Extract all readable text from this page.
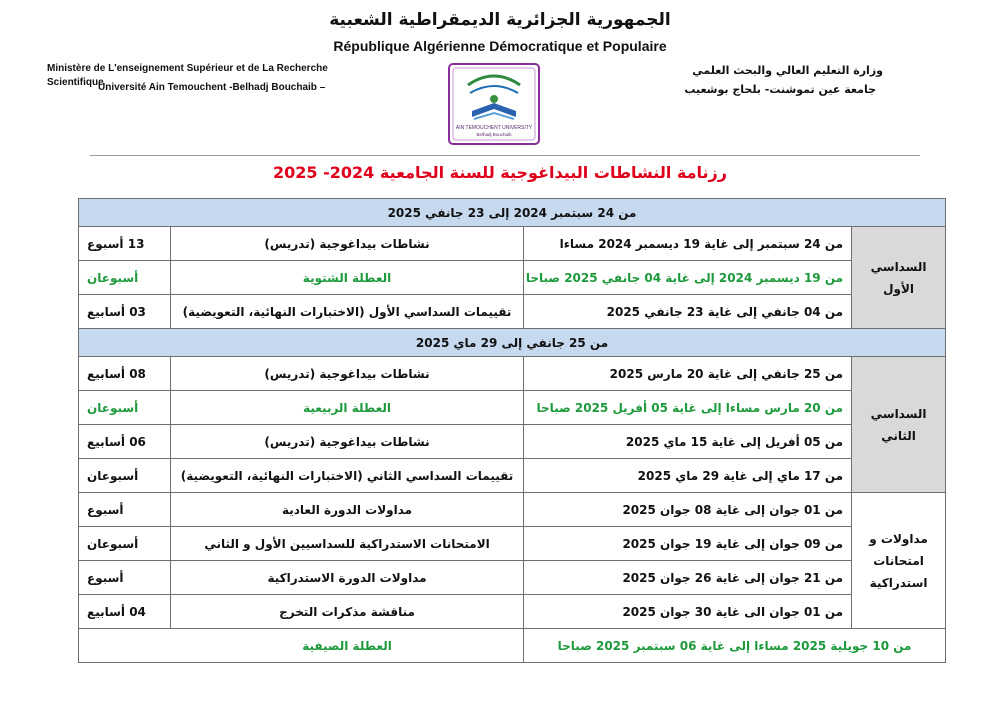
الجمهورية الجزائرية الديمقراطية الشعبية
République Algérienne Démocratique et Populaire
Ministère de L'enseignement Supérieur et de La Recherche Scientifique
Université Ain Temouchent -Belhadj Bouchaib –
وزارة التعليم العالي والبحث العلمي
جامعة عين تموشنت- بلحاج بوشعيب
AIN TEMOUCHENT UNIVERSITY
Belhadj Bouchaib
رزنامة النشاطات البيداغوجية للسنة الجامعية 2024- 2025
من 24 سبتمبر 2024 إلى 23 جانفي 2025			
السداسي الأول	من 24 سبتمبر إلى غاية 19 ديسمبر 2024 مساءا	نشاطات بيداغوجية (تدريس)	13 أسبوع
	من 19 ديسمبر 2024 إلى غاية 04 جانفي 2025 صباحا	العطلة الشتوية	أسبوعان
	من 04 جانفي إلى غاية 23 جانفي 2025	تقييمات السداسي الأول (الاختبارات النهائية، التعويضية)	03 أسابيع
من 25 جانفي إلى 29 ماي 2025			
السداسي الثاني	من 25 جانفي إلى غاية 20 مارس 2025	نشاطات بيداغوجية (تدريس)	08 أسابيع
	من 20 مارس مساءا إلى غاية 05 أفريل 2025 صباحا	العطلة الربيعية	أسبوعان
	من 05 أفريل إلى غاية 15 ماي 2025	نشاطات بيداغوجية (تدريس)	06 أسابيع
	من 17 ماي إلى غاية 29 ماي 2025	تقييمات السداسي الثاني (الاختبارات النهائية، التعويضية)	أسبوعان
مداولات و امتحانات استدراكية	من 01 جوان إلى غاية 08 جوان 2025	مداولات الدورة العادية	أسبوع
	من 09 جوان إلى غاية 19 جوان 2025	الامتحانات الاستدراكية للسداسيين الأول و الثاني	أسبوعان
	من 21 جوان إلى غاية 26 جوان 2025	مداولات الدورة الاستدراكية	أسبوع
	من 01 جوان الى غاية 30 جوان 2025	مناقشة مذكرات التخرج	04 أسابيع
من 10 جويلية 2025 مساءا إلى غاية 06 سبتمبر 2025 صباحا		العطلة الصيفية	
